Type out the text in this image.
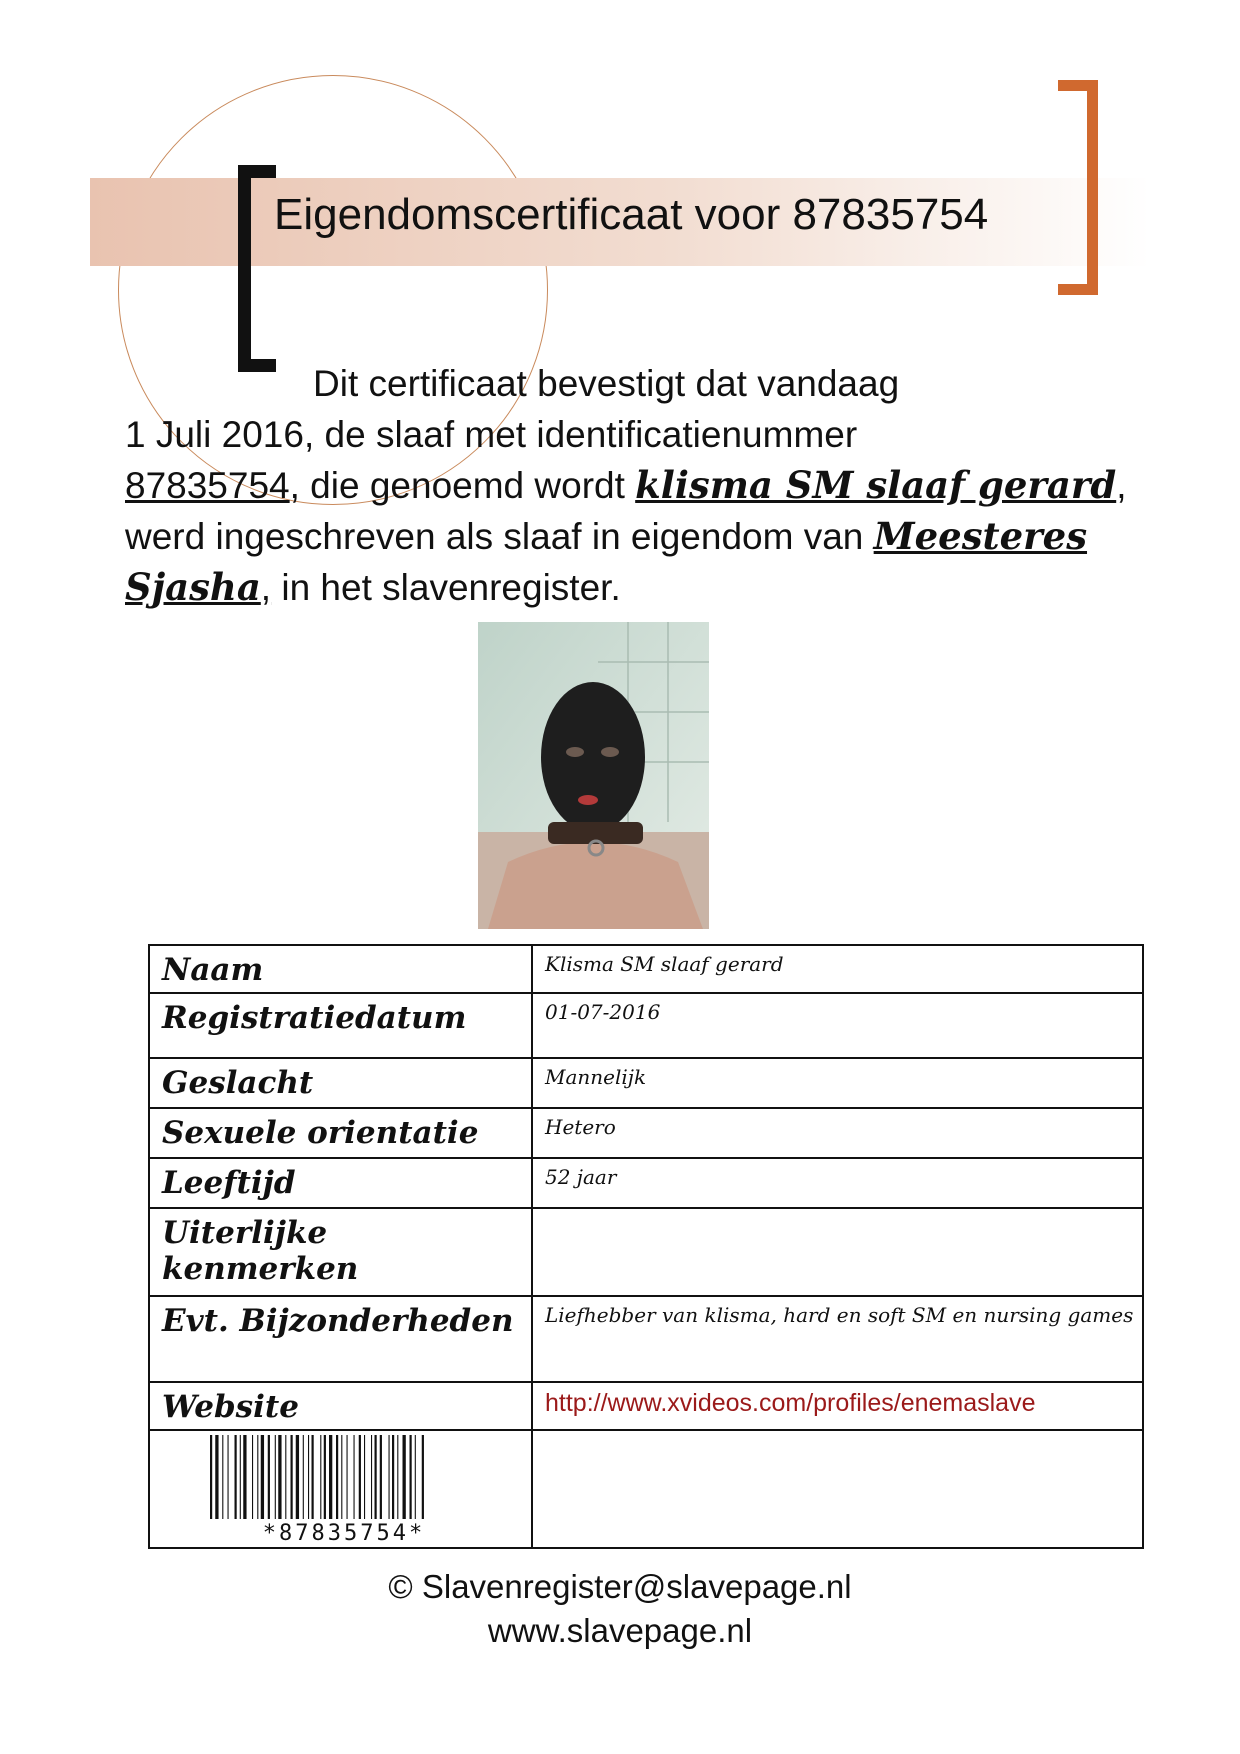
Eigendomscertificaat voor 87835754
Dit certificaat bevestigt dat vandaag
1 Juli 2016, de slaaf met identificatienummer
87835754, die genoemd wordt klisma SM slaaf gerard, werd ingeschreven als slaaf in eigendom van Meesteres Sjasha, in het slavenregister.
Naam	Klisma SM slaaf gerard
Registratiedatum	01-07-2016
Geslacht	Mannelijk
Sexuele orientatie	Hetero
Leeftijd	52 jaar
Uiterlijke kenmerken	
Evt. Bijzonderheden	Liefhebber van klisma, hard en soft SM en nursing games
Website	http://www.xvideos.com/profiles/enemaslave

*87835754*	

© Slavenregister@slavepage.nl
www.slavepage.nl
